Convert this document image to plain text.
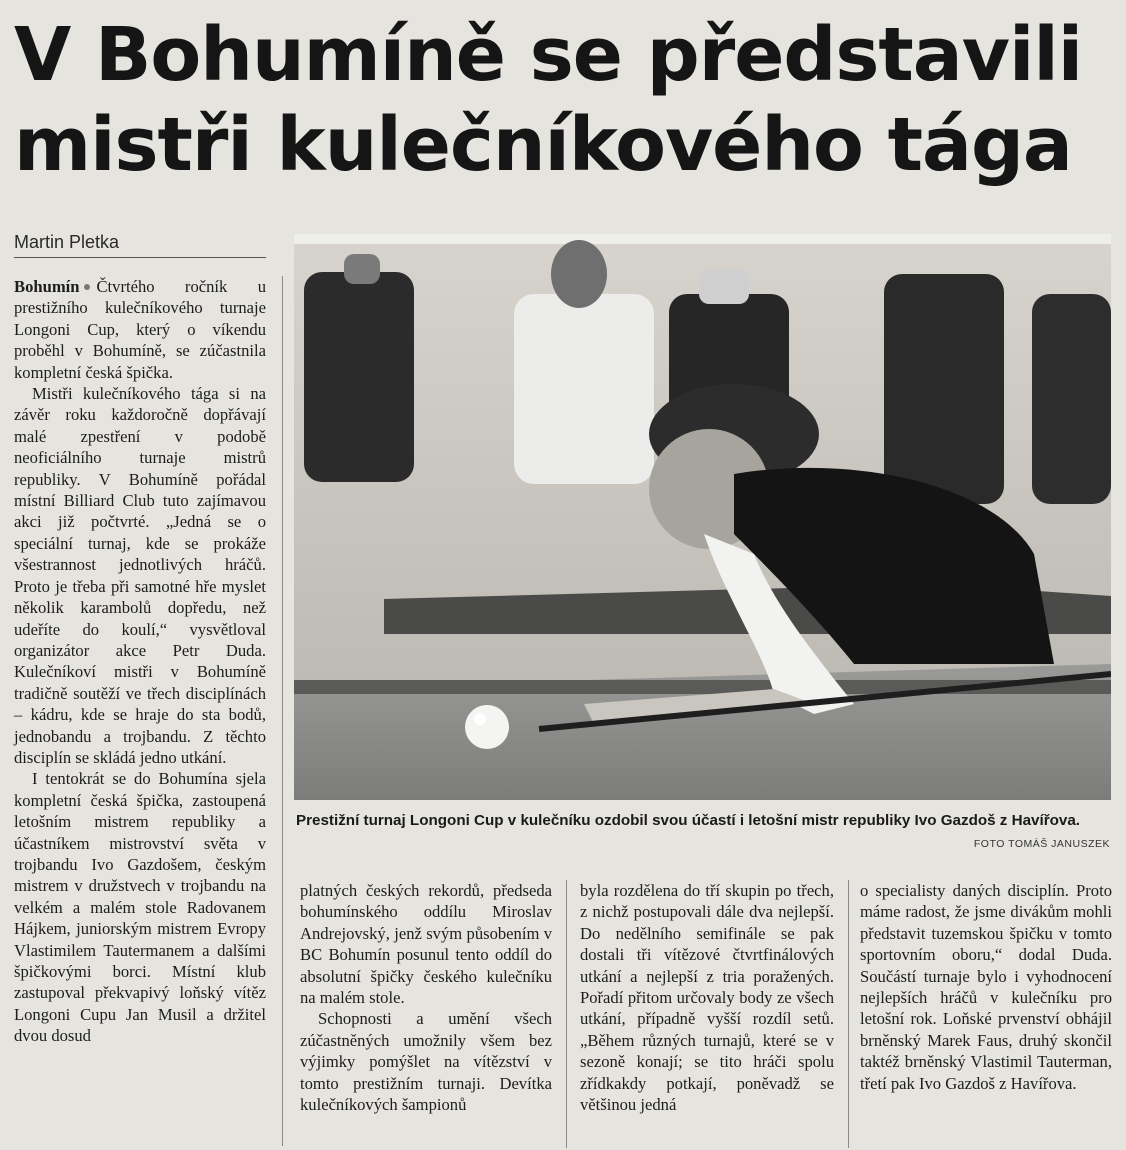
V Bohumíně se představili
mistři kulečníkového tága
Martin Pletka

Bohumín Čtvrtého ročník u prestižního kulečníkového turnaje Longoni Cup, který o víkendu proběhl v Bohumíně, se zúčastnila kompletní česká špička.

Mistři kulečníkového tága si na závěr roku každoročně dopřávají malé zpestření v podobě neoficiálního turnaje mistrů republiky. V Bohumíně pořádal místní Billiard Club tuto zajímavou akci již počtvrté. „Jedná se o speciální turnaj, kde se prokáže všestrannost jednotlivých hráčů. Proto je třeba při samotné hře myslet několik karambolů dopředu, než udeříte do koulí,“ vysvětloval organizátor akce Petr Duda. Kulečníkoví mistři v Bohumíně tradičně soutěží ve třech disciplínách – kádru, kde se hraje do sta bodů, jednobandu a trojbandu. Z těchto disciplín se skládá jedno utkání.

I tentokrát se do Bohumína sjela kompletní česká špička, zastoupená letošním mistrem republiky a účastníkem mistrovství světa v trojbandu Ivo Gazdošem, českým mistrem v družstvech v trojbandu na velkém a malém stole Radovanem Hájkem, juniorským mistrem Evropy Vlastimilem Tautermanem a dalšími špičkovými borci. Místní klub zastupoval překvapivý loňský vítěz Longoni Cupu Jan Musil a držitel dvou dosud

Prestižní turnaj Longoni Cup v kulečníku ozdobil svou účastí i letošní mistr republiky Ivo Gazdoš z Havířova.
FOTO TOMÁŠ JANUSZEK

platných českých rekordů, předseda bohumínského oddílu Miroslav Andrejovský, jenž svým působením v BC Bohumín posunul tento oddíl do absolutní špičky českého kulečníku na malém stole.

Schopnosti a umění všech zúčastněných umožnily všem bez výjimky pomýšlet na vítězství v tomto prestižním turnaji. Devítka kulečníkových šampionů

byla rozdělena do tří skupin po třech, z nichž postupovali dále dva nejlepší. Do nedělního semifinále se pak dostali tři vítězové čtvrtfinálových utkání a nejlepší z tria poražených. Pořadí přitom určovaly body ze všech utkání, případně vyšší rozdíl setů. „Během různých turnajů, které se v sezoně konají; se tito hráči spolu zřídkakdy potkají, poněvadž se většinou jedná

o specialisty daných disciplín. Proto máme radost, že jsme divákům mohli představit tuzemskou špičku v tomto sportovním oboru,“ dodal Duda. Součástí turnaje bylo i vyhodnocení nejlepších hráčů v kulečníku pro letošní rok. Loňské prvenství obhájil brněnský Marek Faus, druhý skončil taktéž brněnský Vlastimil Tauterman, třetí pak Ivo Gazdoš z Havířova.
